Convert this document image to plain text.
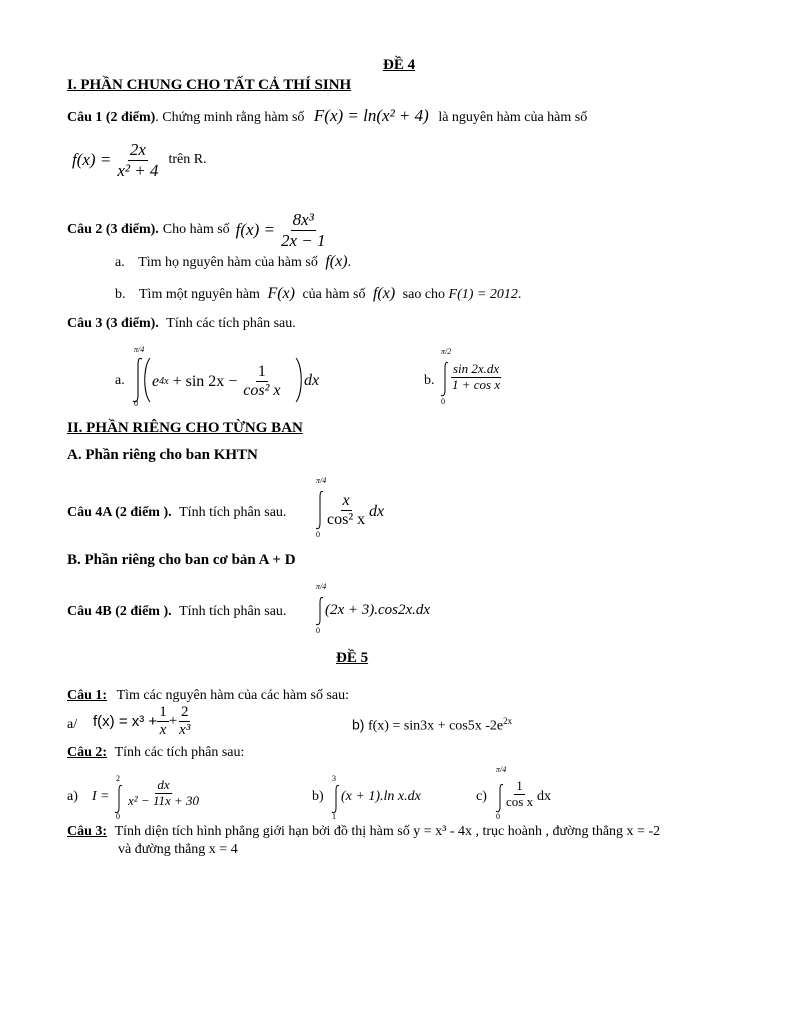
ĐỀ 4
I. PHẦN CHUNG CHO TẤT CẢ THÍ SINH
Câu 1 (2 điểm). Chứng minh rằng hàm số F(x) = ln(x² + 4) là nguyên hàm của hàm số
$f(x) = \frac{2x}{\text{x² + 4}}$ trên R.
Câu 2 (3 điểm). Cho hàm số $f(x) = \frac{\text{8x³}}{2x - 1}$
a. Tìm họ nguyên hàm của hàm số f(x).
b. Tìm một nguyên hàm F(x) của hàm số f(x) sao cho F(1) = 2012.
Câu 3 (3 điểm). Tính các tích phân sau.
a.
π/4
0
e $4x + \sin 2x - \frac{1}{\text{cos² x}}$ dx	b.
π/2
0
$\frac{\sin 2x.dx}{\text{1 + cos x}}$
II. PHẦN RIÊNG CHO TỪNG BAN
A. Phần riêng cho ban KHTN
Câu 4A (2 điểm ). Tính tích phân sau.
π/4
0
$\frac{x}{\text{cos² x}}$ dx
B. Phần riêng cho ban cơ bản A + D
Câu 4B (2 điểm ). Tính tích phân sau.
π/4
0
(2x + 3).cos2x.dx
ĐỀ 5
Câu 1: Tìm các nguyên hàm của các hàm số sau:
a/ $f(x) = x^3 + \frac{1}{x} + \frac{2}{\text{x³}}$	b) f(x) = sin3x + cos5x $-2e^{2x}$
Câu 2: Tính các tích phân sau:
a) I =
2
0
$\frac{dx}{\text{x² − 11x + 30}}$	b)
3
1
(x + 1).ln x.dx	c)
π/4
0
$\frac{1}{\text{cos x}}$ dx
Câu 3: Tính diện tích hình phẳng giới hạn bởi đồ thị hàm số y = x³ - 4x , trục hoành , đường thẳng x = -2
và đường thẳng x = 4
